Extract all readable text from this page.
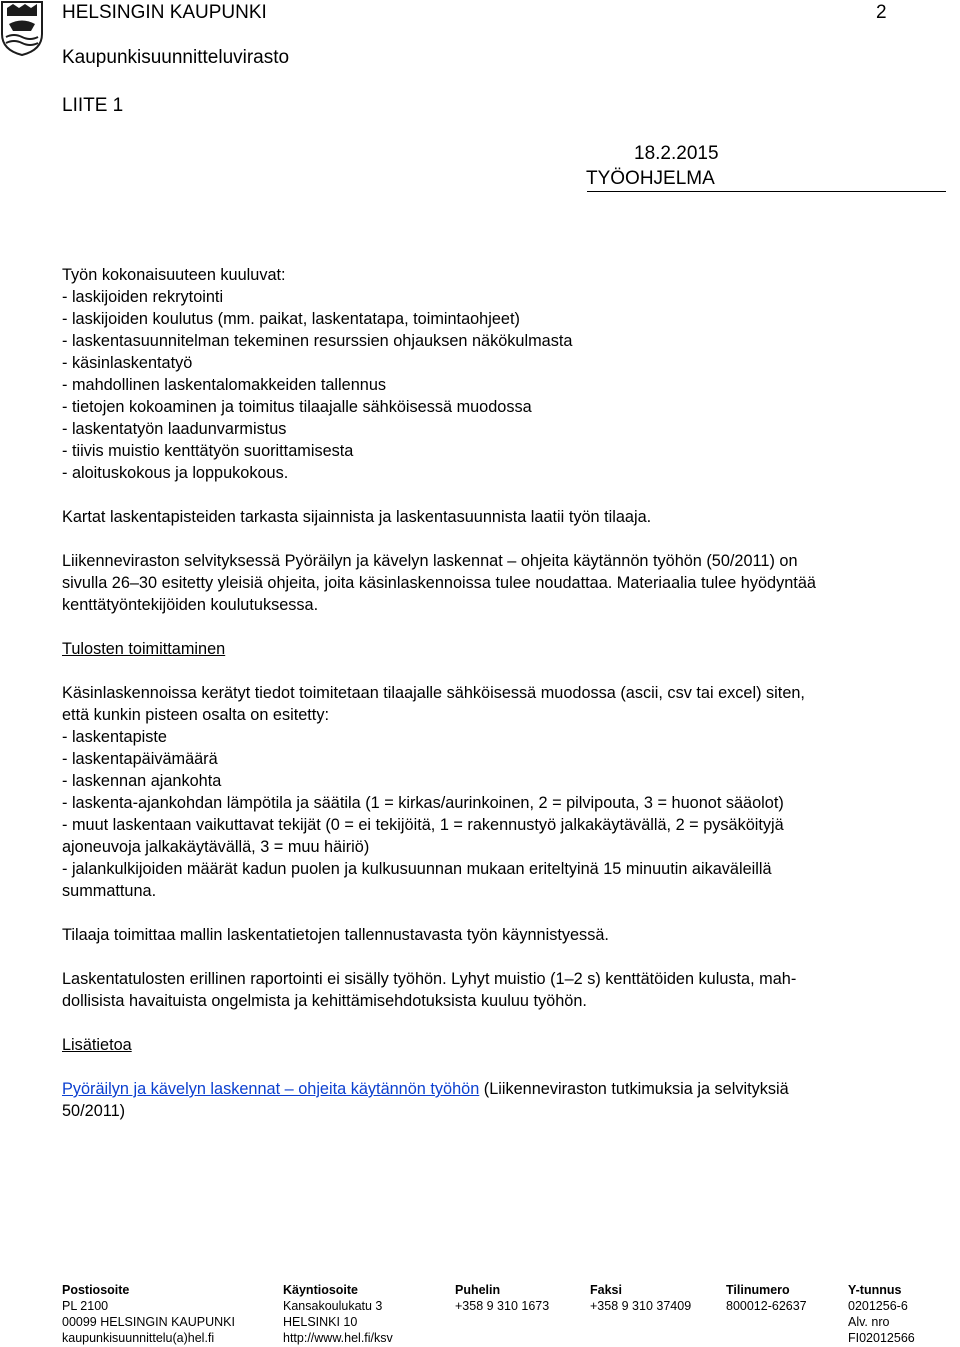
HELSINGIN KAUPUNKI	2
Kaupunkisuunnitteluvirasto
LIITE 1
18.2.2015
TYÖOHJELMA
Työn kokonaisuuteen kuuluvat:
- laskijoiden rekrytointi
- laskijoiden koulutus (mm. paikat, laskentatapa, toimintaohjeet)
- laskentasuunnitelman tekeminen resurssien ohjauksen näkökulmasta
- käsinlaskentatyö
- mahdollinen laskentalomakkeiden tallennus
- tietojen kokoaminen ja toimitus tilaajalle sähköisessä muodossa
- laskentatyön laadunvarmistus
- tiivis muistio kenttätyön suorittamisesta
- aloituskokous ja loppukokous.
Kartat laskentapisteiden tarkasta sijainnista ja laskentasuunnista laatii työn tilaaja.
Liikenneviraston selvityksessä Pyöräilyn ja kävelyn laskennat – ohjeita käytännön työhön (50/2011) on
sivulla 26–30 esitetty yleisiä ohjeita, joita käsinlaskennoissa tulee noudattaa. Materiaalia tulee hyödyntää
kenttätyöntekijöiden koulutuksessa.
Tulosten toimittaminen
Käsinlaskennoissa kerätyt tiedot toimitetaan tilaajalle sähköisessä muodossa (ascii, csv tai excel) siten,
että kunkin pisteen osalta on esitetty:
- laskentapiste
- laskentapäivämäärä
- laskennan ajankohta
- laskenta-ajankohdan lämpötila ja säätila (1 = kirkas/aurinkoinen, 2 = pilvipouta, 3 = huonot sääolot)
- muut laskentaan vaikuttavat tekijät (0 = ei tekijöitä, 1 = rakennustyö jalkakäytävällä, 2 = pysäköityjä
ajoneuvoja jalkakäytävällä, 3 = muu häiriö)
- jalankulkijoiden määrät kadun puolen ja kulkusuunnan mukaan eriteltyinä 15 minuutin aikaväleillä
summattuna.
Tilaaja toimittaa mallin laskentatietojen tallennustavasta työn käynnistyessä.
Laskentatulosten erillinen raportointi ei sisälly työhön. Lyhyt muistio (1–2 s) kenttätöiden kulusta, mah-
dollisista havaituista ongelmista ja kehittämisehdotuksista kuuluu työhön.
Lisätietoa
Pyöräilyn ja kävelyn laskennat – ohjeita käytännön työhön (Liikenneviraston tutkimuksia ja selvityksiä
50/2011)
Postiosoite
PL 2100
00099 HELSINGIN KAUPUNKI
kaupunkisuunnittelu(a)hel.fi
Käyntiosoite
Kansakoulukatu 3
HELSINKI 10
http://www.hel.fi/ksv
Puhelin
+358 9 310 1673
Faksi
+358 9 310 37409
Tilinumero
800012-62637
Y-tunnus
0201256-6
Alv. nro
FI02012566
